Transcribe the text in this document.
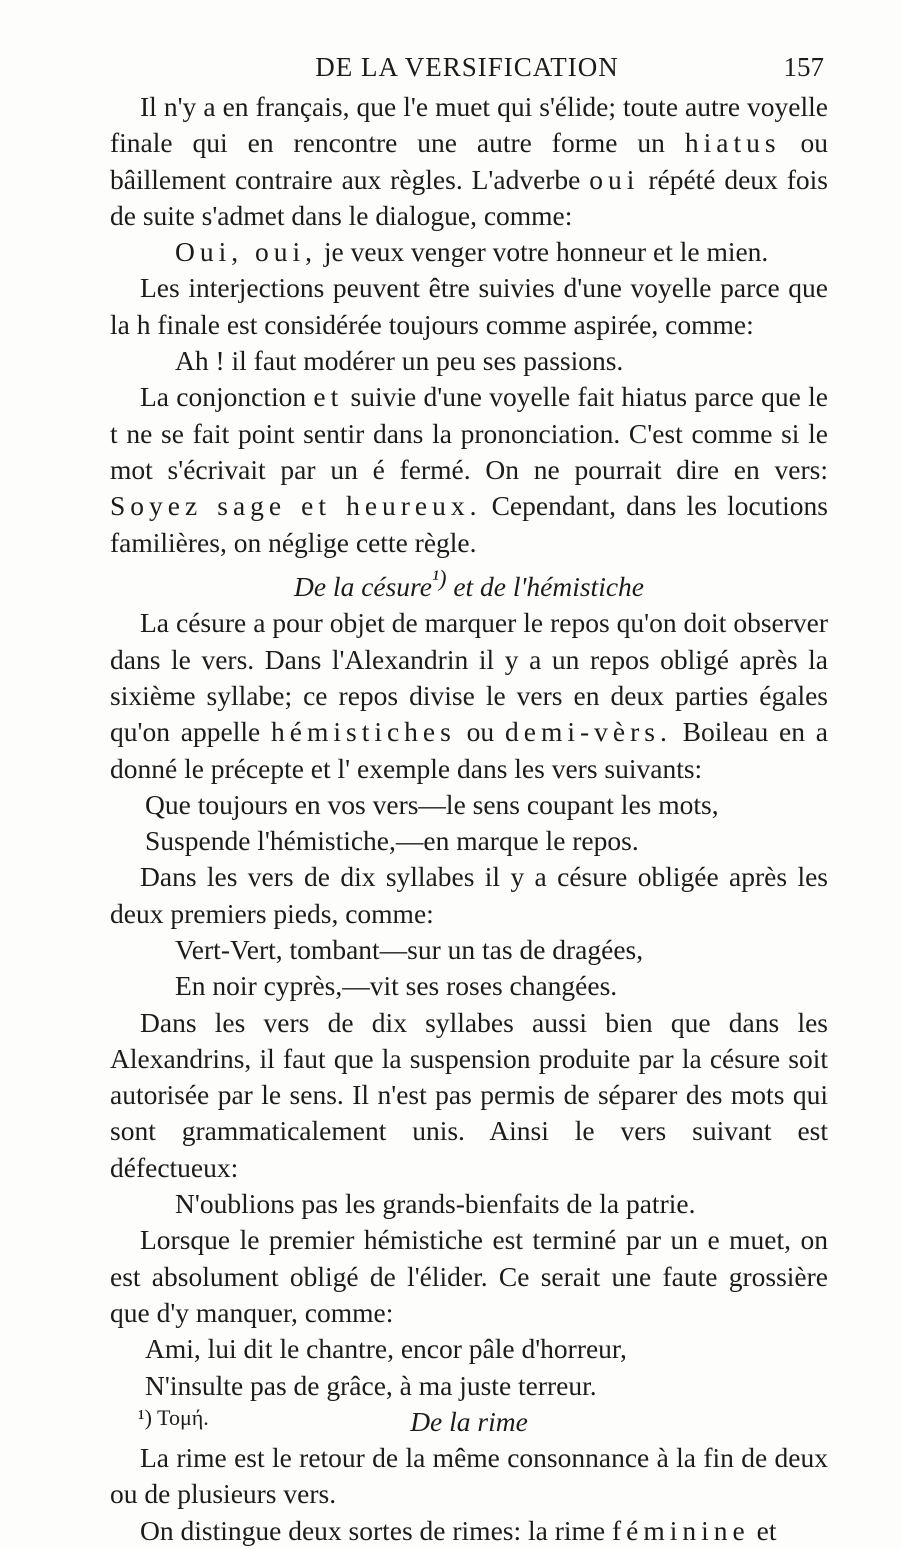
DE LA VERSIFICATION	157

Il n'y a en français, que l'e muet qui s'élide; toute autre voyelle finale qui en rencontre une autre forme un hiatus ou bâillement contraire aux règles. L'adverbe oui répété deux fois de suite s'admet dans le dialogue, comme:

Oui, oui, je veux venger votre honneur et le mien.

Les interjections peuvent être suivies d'une voyelle parce que la h finale est considérée toujours comme aspirée, comme:

Ah ! il faut modérer un peu ses passions.

La conjonction et suivie d'une voyelle fait hiatus parce que le t ne se fait point sentir dans la prononciation. C'est comme si le mot s'écrivait par un é fermé. On ne pourrait dire en vers: Soyez sage et heureux. Cependant, dans les locutions familières, on néglige cette règle.

De la césure$^{^1)}$ et de l'hémistiche

La césure a pour objet de marquer le repos qu'on doit observer dans le vers. Dans l'Alexandrin il y a un repos obligé après la sixième syllabe; ce repos divise le vers en deux parties égales qu'on appelle hémistiches ou demi-vèrs. Boileau en a donné le précepte et l' exemple dans les vers suivants:

Que toujours en vos vers—le sens coupant les mots,
Suspende l'hémistiche,—en marque le repos.

Dans les vers de dix syllabes il y a césure obligée après les deux premiers pieds, comme:

Vert-Vert, tombant—sur un tas de dragées,
En noir cyprès,—vit ses roses changées.

Dans les vers de dix syllabes aussi bien que dans les Alexandrins, il faut que la suspension produite par la césure soit autorisée par le sens. Il n'est pas permis de séparer des mots qui sont grammaticalement unis. Ainsi le vers suivant est défectueux:

N'oublions pas les grands-bienfaits de la patrie.

Lorsque le premier hémistiche est terminé par un e muet, on est absolument obligé de l'élider. Ce serait une faute grossière que d'y manquer, comme:

Ami, lui dit le chantre, encor pâle d'horreur,
N'insulte pas de grâce, à ma juste terreur.
De la rime

La rime est le retour de la même consonnance à la fin de deux ou de plusieurs vers.

On distingue deux sortes de rimes: la rime féminine et

¹) Τομή.
